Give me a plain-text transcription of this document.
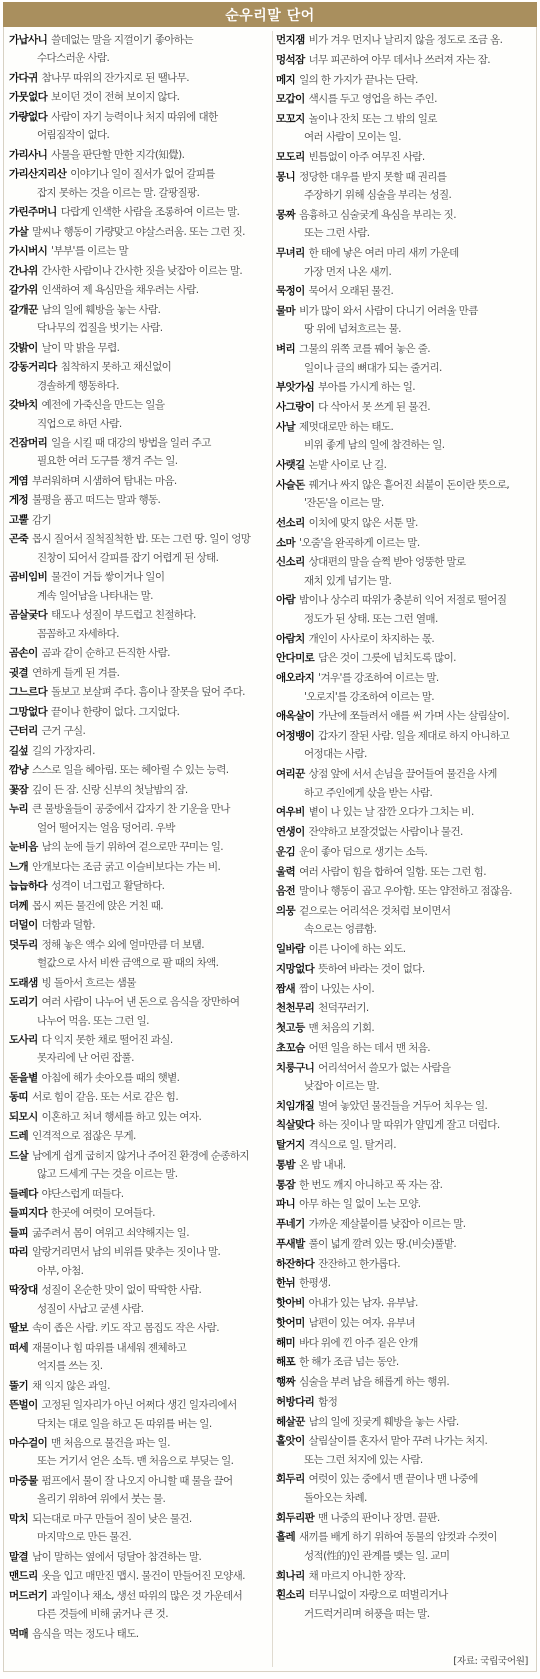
순우리말 단어
가납사니 쓸데없는 말을 지껄이기 좋아하는
수다스러운 사람.
가다귀 참나무 따위의 잔가지로 된 땔나무.
가뭇없다 보이던 것이 전혀 보이지 않다.
가량없다 사람이 자기 능력이나 처지 따위에 대한
어림짐작이 없다.
가리사니 사물을 판단할 만한 지각(知覺).
가리산지리산 이야기나 일이 질서가 없어 갈피를
잡지 못하는 것을 이르는 말. 갈팡질팡.
가린주머니 다랍게 인색한 사람을 조롱하여 이르는 말.
가살 말씨나 행동이 가량맞고 야살스러움. 또는 그런 짓.
가시버시 '부부'를 이르는 말
간나위 간사한 사람이나 간사한 짓을 낮잡아 이르는 말.
갈가위 인색하여 제 욕심만을 채우려는 사람.
갈개꾼 남의 일에 훼방을 놓는 사람.
닥나무의 껍질을 벗기는 사람.
갓밝이 날이 막 밝을 무렵.
강동거리다 침착하지 못하고 채신없이
경솔하게 행동하다.
갖바치 예전에 가죽신을 만드는 일을
직업으로 하던 사람.
건잠머리 일을 시킬 때 대강의 방법을 일러 주고
필요한 여러 도구를 챙겨 주는 일.
게염 부러워하며 시샘하여 탐내는 마음.
게정 불평을 품고 떠드는 말과 행동.
고뿔 감기
곤죽 몹시 질어서 질척질척한 밥. 또는 그런 땅. 일이 엉망
진창이 되어서 갈피를 잡기 어렵게 된 상태.
곰비임비 물건이 거듭 쌓이거나 일이
계속 일어남을 나타내는 말.
곰살궂다 태도나 성질이 부드럽고 친절하다.
꼼꼼하고 자세하다.
곰손이 곰과 같이 순하고 든직한 사람.
귓결 연하게 들게 된 겨를.
그느르다 돌보고 보살펴 주다. 흠이나 잘못을 덮어 주다.
그망없다 끝이나 한량이 없다. 그지없다.
근터리 근거 구실.
길섶 길의 가장자리.
깜냥 스스로 일을 헤아림. 또는 헤아릴 수 있는 능력.
꽃잠 깊이 든 잠. 신랑 신부의 첫날밤의 잠.
누리 큰 물방울들이 공중에서 갑자기 찬 기운을 만나
얼어 떨어지는 얼음 덩어리. 우박
눈비음 남의 눈에 들기 위하여 겉으로만 꾸미는 일.
느개 안개보다는 조금 굵고 이슬비보다는 가는 비.
늡늡하다 성격이 너그럽고 활달하다.
더께 몹시 찌든 물건에 앉은 거친 때.
더덜이 더함과 덜함.
덧두리 정해 놓은 액수 외에 얼마만큼 더 보탬.
헐값으로 사서 비싼 금액으로 팔 때의 차액.
도래샘 빙 돌아서 흐르는 샘물
도리기 여러 사람이 나누어 낸 돈으로 음식을 장만하여
나누어 먹음. 또는 그런 일.
도사리 다 익지 못한 채로 떨어진 과실.
못자리에 난 어린 잡풀.
돋을볕 아침에 해가 솟아오를 때의 햇볕.
동띠 서로 힘이 같음. 또는 서로 같은 힘.
되모시 이혼하고 처녀 행세를 하고 있는 여자.
드레 인격적으로 점잖은 무게.
드살 남에게 쉽게 굽히지 않거나 주어진 환경에 순종하지
않고 드세게 구는 것을 이르는 말.
들레다 야단스럽게 떠들다.
들피지다 한곳에 여럿이 모여들다.
들피 굶주려서 몸이 여위고 쇠약해지는 일.
따리 알랑거리면서 남의 비위를 맞추는 짓이나 말.
아부, 아첨.
딱장대 성질이 온순한 맛이 없이 딱딱한 사람.
성질이 사납고 굳센 사람.
딸보 속이 좁은 사람. 키도 작고 몸집도 작은 사람.
떠세 재물이나 힘 따위를 내세워 젠체하고
억지를 쓰는 짓.
뚤기 채 익지 않은 과일.
뜬벌이 고정된 일자리가 아닌 어쩌다 생긴 일자리에서
닥치는 대로 일을 하고 돈 따위를 버는 일.
마수걸이 맨 처음으로 물건을 파는 일.
또는 거기서 얻은 소득. 맨 처음으로 부딪는 일.
마중물 펌프에서 물이 잘 나오지 아니할 때 물을 끌어
올리기 위하여 위에서 붓는 물.
막치 되는대로 마구 만들어 질이 낮은 물건.
마지막으로 만든 물건.
말결 남이 말하는 옆에서 덩달아 참견하는 말.
맨드리 옷을 입고 매만진 맵시. 물건이 만들어진 모양새.
머드러기 과일이나 채소, 생선 따위의 많은 것 가운데서
다른 것들에 비해 굵거나 큰 것.
먹매 음식을 먹는 정도나 태도.
먼지잼 비가 겨우 먼지나 날리지 않을 정도로 조금 옴.
멍석잠 너무 피곤하여 아무 데서나 쓰러져 자는 잠.
메지 일의 한 가지가 끝나는 단락.
모갑이 색시를 두고 영업을 하는 주인.
모꼬지 놀이나 잔치 또는 그 밖의 일로
여러 사람이 모이는 일.
모도리 빈틈없이 아주 여무진 사람.
몽니 정당한 대우를 받지 못할 때 권리를
주장하기 위해 심술을 부리는 성질.
몽짜 음흉하고 심술궂게 욕심을 부리는 짓.
또는 그런 사람.
무녀리 한 태에 낳은 여러 마리 새끼 가운데
가장 먼저 나온 새끼.
묵정이 묵어서 오래된 물건.
물마 비가 많이 와서 사람이 다니기 어려울 만큼
땅 위에 넘쳐흐르는 물.
벼리 그물의 위쪽 코를 꿰어 놓은 줄.
일이나 글의 뼈대가 되는 줄거리.
부앗가심 부아를 가시게 하는 일.
사그랑이 다 삭아서 못 쓰게 된 물건.
사날 제멋대로만 하는 태도.
비위 좋게 남의 일에 참견하는 일.
사랫길 논밭 사이로 난 길.
사슬돈 꿰거나 싸지 않은 흩어진 쇠붙이 돈이란 뜻으로,
'잔돈'을 이르는 말.
선소리 이치에 맞지 않은 서툰 말.
소마 '오줌'을 완곡하게 이르는 말.
신소리 상대편의 말을 슬쩍 받아 엉뚱한 말로
재치 있게 넘기는 말.
아람 밤이나 상수리 따위가 충분히 익어 저절로 떨어질
정도가 된 상태. 또는 그런 열매.
아람치 개인이 사사로이 차지하는 몫.
안다미로 담은 것이 그릇에 넘치도록 많이.
애오라지 '겨우'를 강조하여 이르는 말.
'오로지'를 강조하여 이르는 말.
애옥살이 가난에 쪼들려서 애를 써 가며 사는 살림살이.
어정뱅이 갑자기 잘된 사람. 일을 제대로 하지 아니하고
어정대는 사람.
여리꾼 상점 앞에 서서 손님을 끌어들여 물건을 사게
하고 주인에게 삯을 받는 사람.
여우비 볕이 나 있는 날 잠깐 오다가 그치는 비.
연생이 잔약하고 보잘것없는 사람이나 물건.
운김 운이 좋아 덤으로 생기는 소득.
울력 여러 사람이 힘을 합하여 일함. 또는 그런 힘.
음전 말이나 행동이 곱고 우아함. 또는 얌전하고 점잖음.
의뭉 겉으로는 어리석은 것처럼 보이면서
속으로는 엉큼함.
일바람 이른 나이에 하는 외도.
지망없다 뜻하여 바라는 것이 없다.
짬새 짬이 나있는 사이.
천천무리 천덕꾸러기.
첫고등 맨 처음의 기회.
초꼬슴 어떤 일을 하는 데서 맨 처음.
치룽구니 어리석어서 쓸모가 없는 사람을
낮잡아 이르는 말.
치임개질 벌여 놓았던 물건들을 거두어 치우는 일.
칙살맞다 하는 짓이나 말 따위가 얄밉게 잘고 더럽다.
탈거지 격식으로 일. 탈거리.
통밤 온 밤 내내.
통잠 한 번도 깨지 아니하고 푹 자는 잠.
파니 아무 하는 일 없이 노는 모양.
푸네기 가까운 제살붙이를 낮잡아 이르는 말.
푸새발 풀이 넓게 깔려 있는 땅.(비슷)풀밭.
하잔하다 잔잔하고 한가롭다.
한뉘 한평생.
핫아비 아내가 있는 남자. 유부남.
핫어미 남편이 있는 여자. 유부녀
해미 바다 위에 낀 아주 짙은 안개
해포 한 해가 조금 넘는 동안.
행짜 심술을 부려 남을 해롭게 하는 행위.
허방다리 함정
헤살꾼 남의 일에 짓궂게 훼방을 놓는 사람.
홀앗이 살림살이를 혼자서 맡아 꾸려 나가는 처지.
또는 그런 처지에 있는 사람.
회두리 여럿이 있는 중에서 맨 끝이나 맨 나중에
돌아오는 차례.
회두리판 맨 나중의 판이나 장면. 끝판.
흘레 새끼를 배게 하기 위하여 동물의 암컷과 수컷이
성적(性的)인 관계를 맺는 일. 교미
희나리 채 마르지 아니한 장작.
흰소리 터무니없이 자랑으로 떠벌리거나
거드럭거리며 허풍을 떠는 말.
[자료: 국립국어원]
